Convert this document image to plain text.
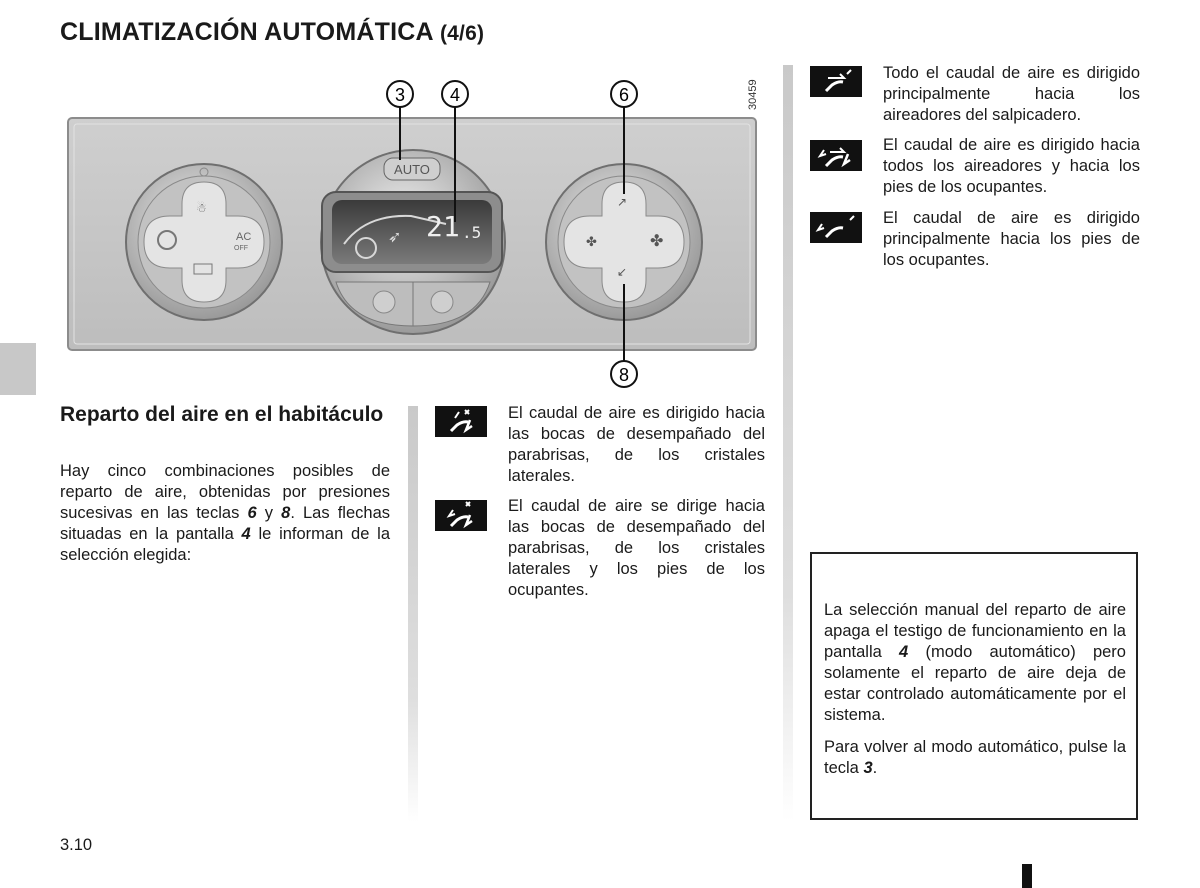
CLIMATIZACIÓN AUTOMÁTICA (4/6)
☃
AC
OFF
AUTO
➶ 21 .5
↗
✤	✤
↙
3 4	6
8
30459
Reparto del aire en el habitáculo
Hay cinco combinaciones posibles de reparto de aire, obtenidas por presiones sucesivas en las teclas 6 y 8. Las flechas situadas en la pantalla 4 le informan de la selección elegida:
El caudal de aire es dirigido hacia las bocas de desempañado del parabrisas, de los cristales laterales.
El caudal de aire se dirige hacia las bocas de desempañado del parabrisas, de los cristales laterales y los pies de los ocupantes.
Todo el caudal de aire es dirigido principalmente hacia los aireadores del salpicadero.
El caudal de aire es dirigido hacia todos los aireadores y hacia los pies de los ocupantes.
El caudal de aire es dirigido principalmente hacia los pies de los ocupantes.
La selección manual del reparto de aire apaga el testigo de funcionamiento en la pantalla 4 (modo automático) pero solamente el reparto de aire deja de estar controlado automáticamente por el sistema.
Para volver al modo automático, pulse la tecla 3.
3.10
